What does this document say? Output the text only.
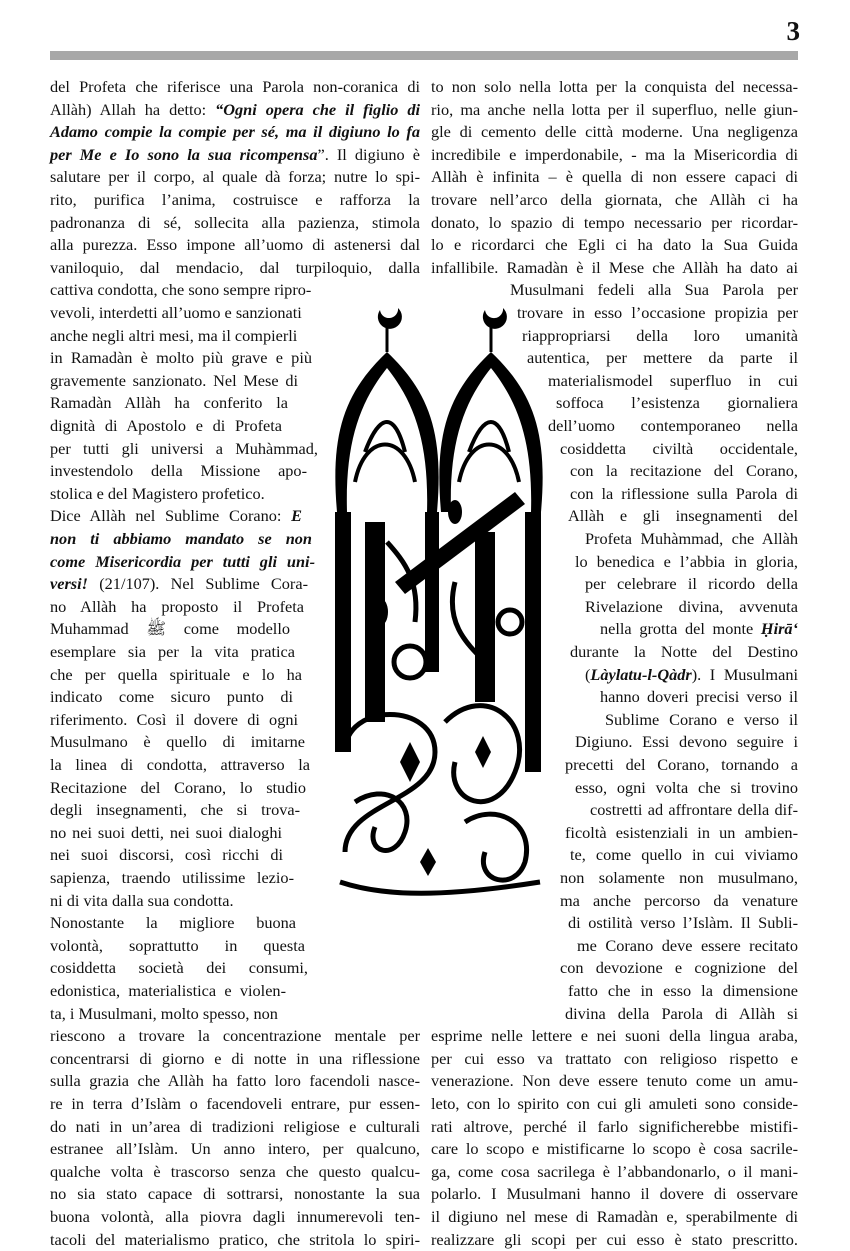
3
del Profeta che riferisce una Parola non-coranica di
Allàh) Allah ha detto: “Ogni opera che il figlio di
Adamo compie la compie per sé, ma il digiuno lo fa
per Me e Io sono la sua ricompensa”. Il digiuno è
salutare per il corpo, al quale dà forza; nutre lo spi-
rito, purifica l’anima, costruisce e rafforza la
padronanza di sé, sollecita alla pazienza, stimola
alla purezza. Esso impone all’uomo di astenersi dal
vaniloquio, dal mendacio, dal turpiloquio, dalla
cattiva condotta, che sono sempre ripro-
vevoli, interdetti all’uomo e sanzionati
anche negli altri mesi, ma il compierli
in Ramadàn è molto più grave e più
gravemente sanzionato. Nel Mese di
Ramadàn Allàh ha conferito la
dignità di Apostolo e di Profeta
per tutti gli universi a Muhàmmad,
investendolo della Missione apo-
stolica e del Magistero profetico.
Dice Allàh nel Sublime Corano: E
non ti abbiamo mandato se non
come Misericordia per tutti gli uni-
versi! (21/107). Nel Sublime Cora-
no Allàh ha proposto il Profeta
Muhammad ﷺ come modello
esemplare sia per la vita pratica
che per quella spirituale e lo ha
indicato come sicuro punto di
riferimento. Così il dovere di ogni
Musulmano è quello di imitarne
la linea di condotta, attraverso la
Recitazione del Corano, lo studio
degli insegnamenti, che si trova-
no nei suoi detti, nei suoi dialoghi
nei suoi discorsi, così ricchi di
sapienza, traendo utilissime lezio-
ni di vita dalla sua condotta.
Nonostante la migliore buona
volontà, soprattutto in questa
cosiddetta società dei consumi,
edonistica, materialistica e violen-
ta, i Musulmani, molto spesso, non
riescono a trovare la concentrazione mentale per
concentrarsi di giorno e di notte in una riflessione
sulla grazia che Allàh ha fatto loro facendoli nasce-
re in terra d’Islàm o facendoveli entrare, pur essen-
do nati in un’area di tradizioni religiose e culturali
estranee all’Islàm. Un anno intero, per qualcuno,
qualche volta è trascorso senza che questo qualcu-
no sia stato capace di sottrarsi, nonostante la sua
buona volontà, alla piovra dagli innumerevoli ten-
tacoli del materialismo pratico, che stritola lo spiri-
to non solo nella lotta per la conquista del necessa-
rio, ma anche nella lotta per il superfluo, nelle giun-
gle di cemento delle città moderne. Una negligenza
incredibile e imperdonabile, - ma la Misericordia di
Allàh è infinita – è quella di non essere capaci di
trovare nell’arco della giornata, che Allàh ci ha
donato, lo spazio di tempo necessario per ricordar-
lo e ricordarci che Egli ci ha dato la Sua Guida
infallibile. Ramadàn è il Mese che Allàh ha dato ai
Musulmani fedeli alla Sua Parola per
trovare in esso l’occasione propizia per
riappropriarsi della loro umanità
autentica, per mettere da parte il
materialismodel superfluo in cui
soffoca l’esistenza giornaliera
dell’uomo contemporaneo nella
cosiddetta civiltà occidentale,
con la recitazione del Corano,
con la riflessione sulla Parola di
Allàh e gli insegnamenti del
Profeta Muhàmmad, che Allàh
lo benedica e l’abbia in gloria,
per celebrare il ricordo della
Rivelazione divina, avvenuta
nella grotta del monte Ḥirā‘
durante la Notte del Destino
(Làylatu-l-Qàdr). I Musulmani
hanno doveri precisi verso il
Sublime Corano e verso il
Digiuno. Essi devono seguire i
precetti del Corano, tornando a
esso, ogni volta che si trovino
costretti ad affrontare della dif-
ficoltà esistenziali in un ambien-
te, come quello in cui viviamo
non solamente non musulmano,
ma anche percorso da venature
di ostilità verso l’Islàm. Il Subli-
me Corano deve essere recitato
con devozione e cognizione del
fatto che in esso la dimensione
divina della Parola di Allàh si
esprime nelle lettere e nei suoni della lingua araba,
per cui esso va trattato con religioso rispetto e
venerazione. Non deve essere tenuto come un amu-
leto, con lo spirito con cui gli amuleti sono conside-
rati altrove, perché il farlo significherebbe mistifi-
care lo scopo e mistificarne lo scopo è cosa sacrile-
ga, come cosa sacrilega è l’abbandonarlo, o il mani-
polarlo. I Musulmani hanno il dovere di osservare
il digiuno nel mese di Ramadàn e, sperabilmente di
realizzare gli scopi per cui esso è stato prescritto.
